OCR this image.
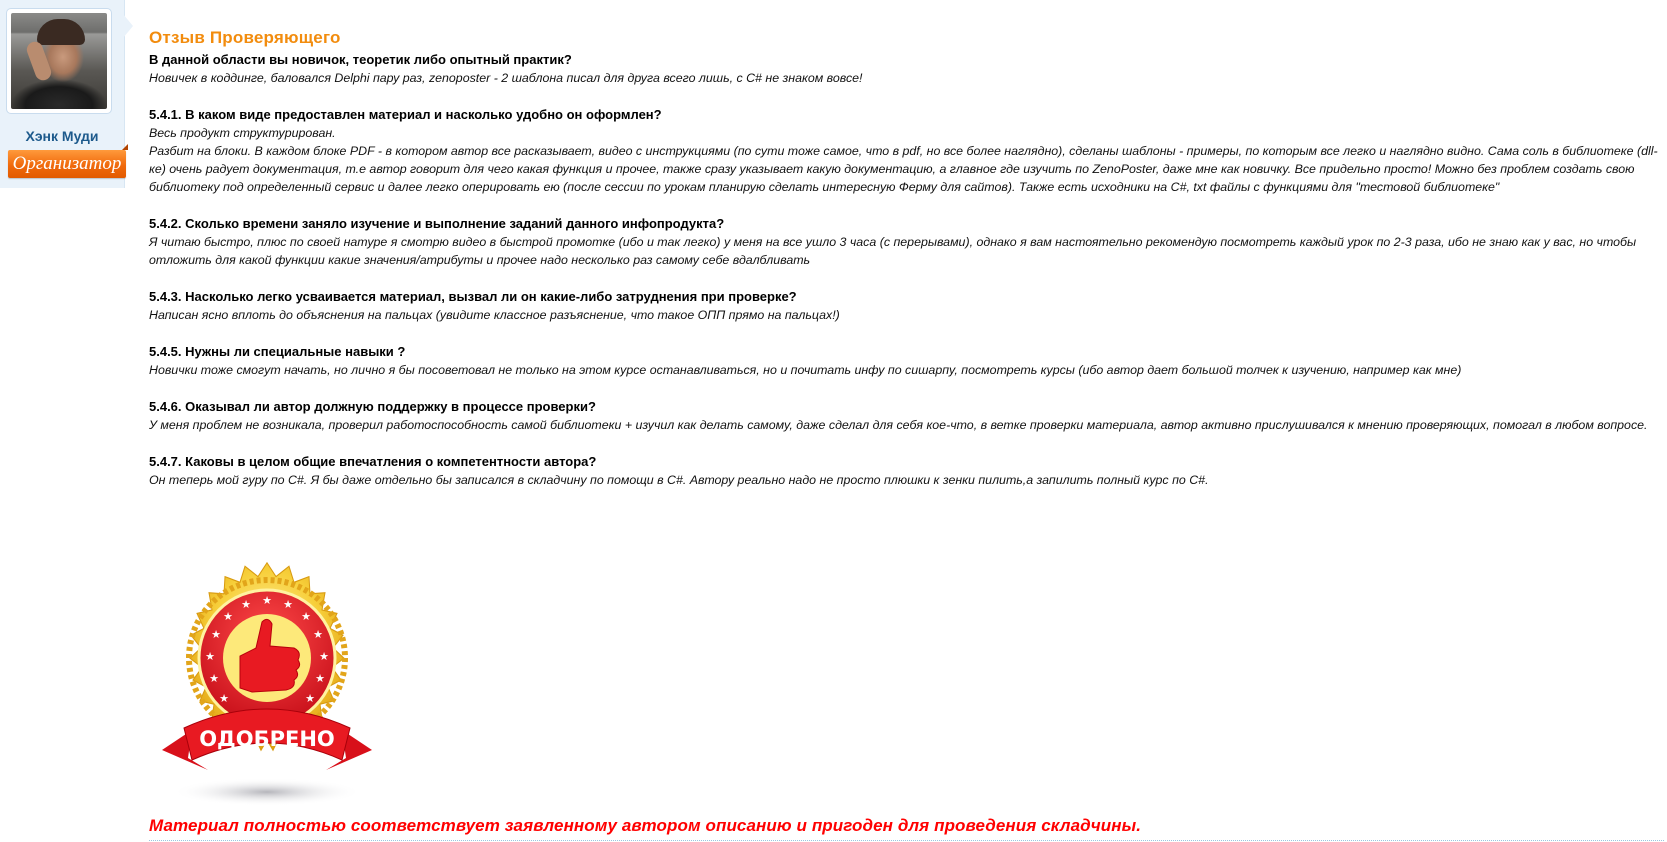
Хэнк Муди
Организатор
Отзыв Проверяющего

В данной области вы новичок, теоретик либо опытный практик?

Новичек в коддинге, баловался Delphi пару раз, zenoposter - 2 шаблона писал для друга всего лишь, с C# не знаком вовсе!

5.4.1. В каком виде предоставлен материал и насколько удобно он оформлен?

Весь продукт структурирован.

Разбит на блоки. В каждом блоке PDF - в котором автор все расказывает, видео с инструкциями (по сути тоже самое, что в pdf, но все более наглядно), сделаны шаблоны - примеры, по которым все легко и наглядно видно. Сама соль в библиотеке (dll-ке) очень радует документация, т.е автор говорит для чего какая функция и прочее, также сразу указывает какую документацию, а главное где изучить по ZenoPoster, даже мне как новичку. Все придельно просто! Можно без проблем создать свою библиотеку под определенный сервис и далее легко оперировать ею (после сессии по урокам планирую сделать интересную Ферму для сайтов). Также есть исходники на C#, txt файлы с функциями для "тестовой библиотеке"

5.4.2. Сколько времени заняло изучение и выполнение заданий данного инфопродукта?

Я читаю быстро, плюс по своей натуре я смотрю видео в быстрой промотке (ибо и так легко) у меня на все ушло 3 часа (с перерывами), однако я вам настоятельно рекомендую посмотреть каждый урок по 2-3 раза, ибо не знаю как у вас, но чтобы отложить для какой функции какие значения/атрибуты и прочее надо несколько раз самому себе вдалбливать

5.4.3. Насколько легко усваивается материал, вызвал ли он какие-либо затруднения при проверке?

Написан ясно вплоть до объяснения на пальцах (увидите классное разъяснение, что такое ОПП прямо на пальцах!)

5.4.5. Нужны ли специальные навыки ?

Новички тоже смогут начать, но лично я бы посоветовал не только на этом курсе останавливаться, но и почитать инфу по сишарпу, посмотреть курсы (ибо автор дает большой толчек к изучению, например как мне)

5.4.6. Оказывал ли автор должную поддержку в процессе проверки?

У меня проблем не возникала, проверил работоспособность самой библиотеки + изучил как делать самому, даже сделал для себя кое-что, в ветке проверки материала, автор активно прислушивался к мнению проверяющих, помогал в любом вопросе.

5.4.7. Каковы в целом общие впечатления о компетентности автора?

Он теперь мой гуру по C#. Я бы даже отдельно бы записался в складчину по помощи в C#. Автору реально надо не просто плюшки к зенки пилить,а запилить полный курс по C#.

★
★	★
★	★
★	★
★	★
★	★
★	★
ОДОБРЕНО
Материал полностью соответствует заявленному автором описанию и пригоден для проведения складчины.
